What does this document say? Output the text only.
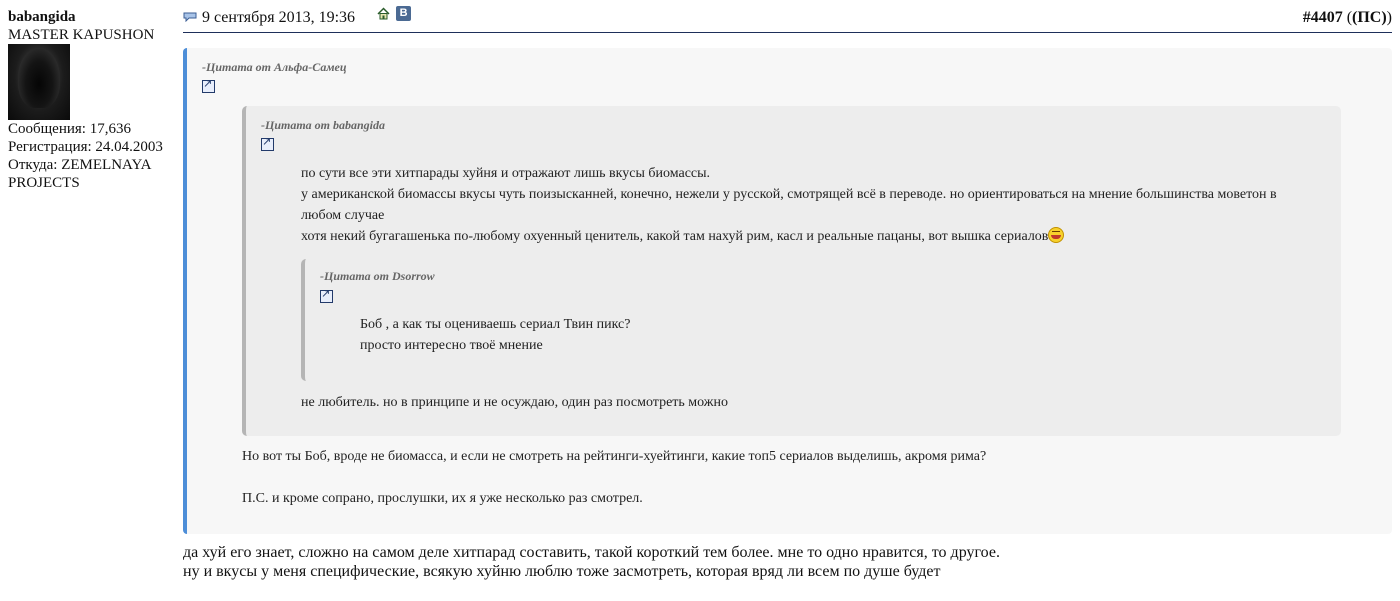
babangida
MASTER KAPUSHON
Сообщения: 17,636
Регистрация: 24.04.2003
Откуда: ZEMELNAYA
PROJECTS
9 сентября 2013, 19:36	В	#4407 ((ПС))
-Цитата от Альфа-Самец
↗
-Цитата от babangida
↗
по сути все эти хитпарады хуйня и отражают лишь вкусы биомассы.
у американской биомассы вкусы чуть поизысканней, конечно, нежели у русской, смотрящей всё в переводе. но ориентироваться на мнение большинства моветон в
любом случае
хотя некий бугагашенька по-любому охуенный ценитель, какой там нахуй рим, касл и реальные пацаны, вот вышка сериалов
-Цитата от Dsorrow
↗
Боб , а как ты оцениваешь сериал Твин пикс?
просто интересно твоё мнение
не любитель. но в принципе и не осуждаю, один раз посмотреть можно

Но вот ты Боб, вроде не биомасса, и если не смотреть на рейтинги-хуейтинги, какие топ5 сериалов выделишь, акромя рима?

П.С. и кроме сопрано, прослушки, их я уже несколько раз смотрел.

да хуй его знает, сложно на самом деле хитпарад составить, такой короткий тем более. мне то одно нравится, то другое.
ну и вкусы у меня специфические, всякую хуйню люблю тоже засмотреть, которая вряд ли всем по душе будет
